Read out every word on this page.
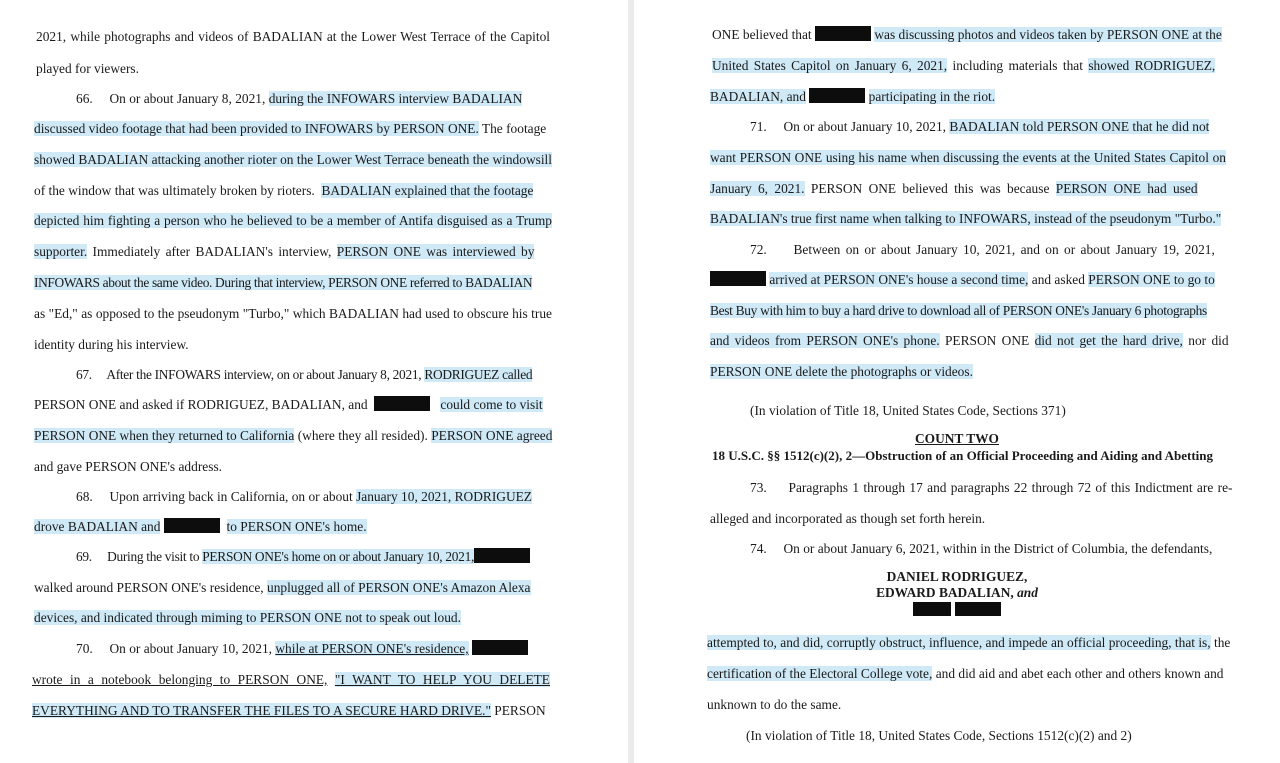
2021, while photographs and videos of BADALIAN at the Lower West Terrace of the Capitol
played for viewers.
66. On or about January 8, 2021, during the INFOWARS interview BADALIAN
discussed video footage that had been provided to INFOWARS by PERSON ONE. The footage
showed BADALIAN attacking another rioter on the Lower West Terrace beneath the windowsill
of the window that was ultimately broken by rioters. BADALIAN explained that the footage
depicted him fighting a person who he believed to be a member of Antifa disguised as a Trump
supporter. Immediately after BADALIAN's interview, PERSON ONE was interviewed by
INFOWARS about the same video. During that interview, PERSON ONE referred to BADALIAN
as "Ed," as opposed to the pseudonym "Turbo," which BADALIAN had used to obscure his true
identity during his interview.
67. After the INFOWARS interview, on or about January 8, 2021, RODRIGUEZ called
PERSON ONE and asked if RODRIGUEZ, BADALIAN, and	could come to visit
PERSON ONE when they returned to California (where they all resided). PERSON ONE agreed
and gave PERSON ONE's address.
68. Upon arriving back in California, on or about January 10, 2021, RODRIGUEZ
drove BADALIAN and	to PERSON ONE's home.
69. During the visit to PERSON ONE's home on or about January 10, 2021,
walked around PERSON ONE's residence, unplugged all of PERSON ONE's Amazon Alexa
devices, and indicated through miming to PERSON ONE not to speak out loud.
70. On or about January 10, 2021, while at PERSON ONE's residence,
wrote in a notebook belonging to PERSON ONE, "I WANT TO HELP YOU DELETE
EVERYTHING AND TO TRANSFER THE FILES TO A SECURE HARD DRIVE." PERSON
ONE believed that	was discussing photos and videos taken by PERSON ONE at the
United States Capitol on January 6, 2021, including materials that showed RODRIGUEZ,
BADALIAN, and	participating in the riot.
71. On or about January 10, 2021, BADALIAN told PERSON ONE that he did not
want PERSON ONE using his name when discussing the events at the United States Capitol on
January 6, 2021. PERSON ONE believed this was because PERSON ONE had used
BADALIAN's true first name when talking to INFOWARS, instead of the pseudonym "Turbo."
72. Between on or about January 10, 2021, and on or about January 19, 2021,
arrived at PERSON ONE's house a second time, and asked PERSON ONE to go to
Best Buy with him to buy a hard drive to download all of PERSON ONE's January 6 photographs
and videos from PERSON ONE's phone. PERSON ONE did not get the hard drive, nor did
PERSON ONE delete the photographs or videos.
(In violation of Title 18, United States Code, Sections 371)
COUNT TWO
18 U.S.C. §§ 1512(c)(2), 2—Obstruction of an Official Proceeding and Aiding and Abetting
73. Paragraphs 1 through 17 and paragraphs 22 through 72 of this Indictment are re-
alleged and incorporated as though set forth herein.
74. On or about January 6, 2021, within in the District of Columbia, the defendants,
DANIEL RODRIGUEZ,
EDWARD BADALIAN, and

attempted to, and did, corruptly obstruct, influence, and impede an official proceeding, that is, the
certification of the Electoral College vote, and did aid and abet each other and others known and
unknown to do the same.
(In violation of Title 18, United States Code, Sections 1512(c)(2) and 2)
